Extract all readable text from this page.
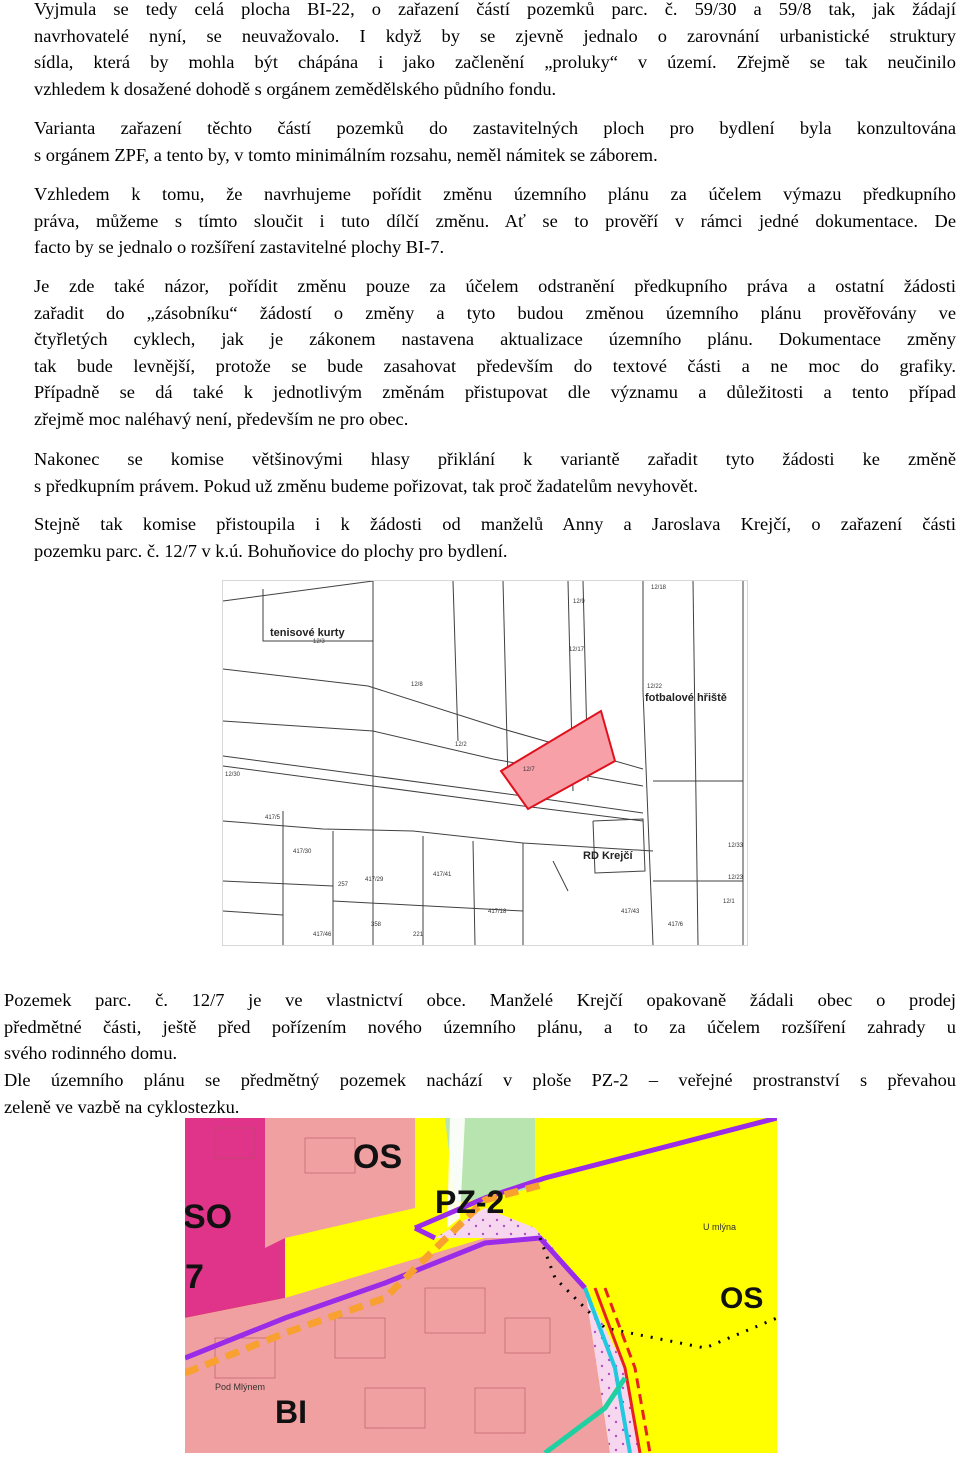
Vyjmula se tedy celá plocha BI-22, o zařazení částí pozemků parc. č. 59/30 a 59/8 tak, jak žádají
navrhovatelé nyní, se neuvažovalo. I když by se zjevně jednalo o zarovnání urbanistické struktury
sídla, která by mohla být chápána i jako začlenění „proluky“ v území. Zřejmě se tak neučinilo
vzhledem k dosažené dohodě s orgánem zemědělského půdního fondu.

Varianta zařazení těchto částí pozemků do zastavitelných ploch pro bydlení byla konzultována
s orgánem ZPF, a tento by, v tomto minimálním rozsahu, neměl námitek se záborem.

Vzhledem k tomu, že navrhujeme pořídit změnu územního plánu za účelem výmazu předkupního
práva, můžeme s tímto sloučit i tuto dílčí změnu. Ať se to prověří v rámci jedné dokumentace. De
facto by se jednalo o rozšíření zastavitelné plochy BI-7.

Je zde také názor, pořídit změnu pouze za účelem odstranění předkupního práva a ostatní žádosti
zařadit do „zásobníku“ žádostí o změny a tyto budou změnou územního plánu prověřovány ve
čtyřletých cyklech, jak je zákonem nastavena aktualizace územního plánu. Dokumentace změny
tak bude levnější, protože se bude zasahovat především do textové části a ne moc do grafiky.
Případně se dá také k jednotlivým změnám přistupovat dle významu a důležitosti a tento případ
zřejmě moc naléhavý není, především ne pro obec.

Nakonec se komise většinovými hlasy přiklání k variantě zařadit tyto žádosti ke změně
s předkupním právem. Pokud už změnu budeme pořizovat, tak proč žadatelům nevyhovět.

Stejně tak komise přistoupila i k žádosti od manželů Anny a Jaroslava Krejčí, o zařazení části
pozemku parc. č. 12/7 v k.ú. Bohuňovice do plochy pro bydlení.

tenisové kurty
fotbalové hřiště
RD Krejčí
12/18
12/9
12/3
12/17
12/8	12/22
12/2
12/30
12/7
417/5
417/30
417/41
417/29
417/18	417/43
417/46
257
358
221
12/33
12/1
417/6
12/23

Pozemek parc. č. 12/7 je ve vlastnictví obce. Manželé Krejčí opakovaně žádali obec o prodej
předmětné části, ještě před pořízením nového územního plánu, a to za účelem rozšíření zahrady u
svého rodinného domu.

Dle územního plánu se předmětný pozemek nachází v ploše PZ-2 – veřejné prostranství s převahou
zeleně ve vazbě na cyklostezku.

OS
SO
7
PZ-2
OS
BI
U mlýna
Pod Mlýnem
